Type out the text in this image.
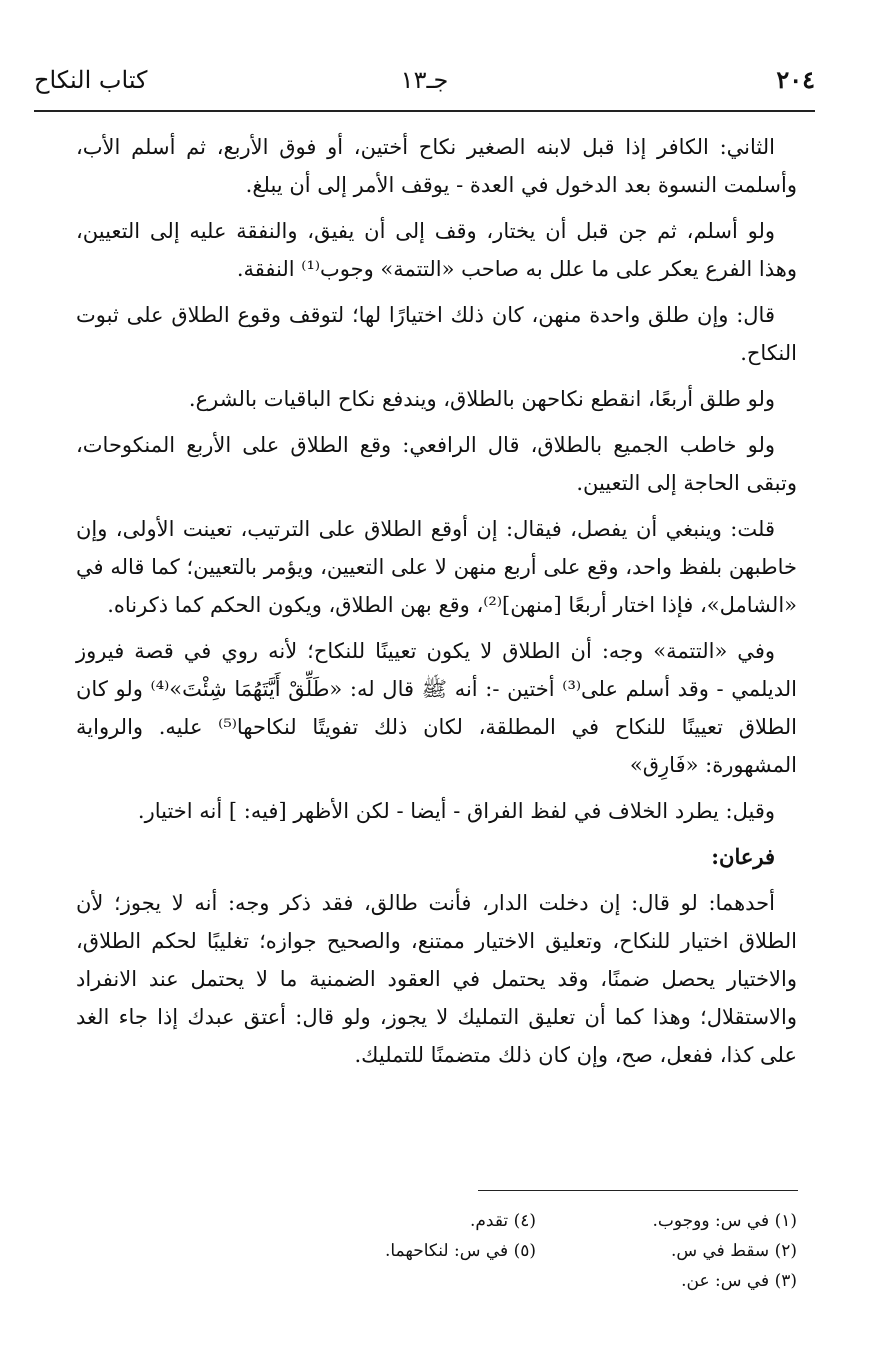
٢٠٤
جـ١٣
كتاب النكاح

الثاني: الكافر إذا قبل لابنه الصغير نكاح أختين، أو فوق الأربع، ثم أسلم الأب، وأسلمت النسوة بعد الدخول في العدة - يوقف الأمر إلى أن يبلغ.

ولو أسلم، ثم جن قبل أن يختار، وقف إلى أن يفيق، والنفقة عليه إلى التعيين، وهذا الفرع يعكر على ما علل به صاحب «التتمة» وجوب⁽¹⁾ النفقة.

قال: وإن طلق واحدة منهن، كان ذلك اختيارًا لها؛ لتوقف وقوع الطلاق على ثبوت النكاح.

ولو طلق أربعًا، انقطع نكاحهن بالطلاق، ويندفع نكاح الباقيات بالشرع.

ولو خاطب الجميع بالطلاق، قال الرافعي: وقع الطلاق على الأربع المنكوحات، وتبقى الحاجة إلى التعيين.

قلت: وينبغي أن يفصل، فيقال: إن أوقع الطلاق على الترتيب، تعينت الأولى، وإن خاطبهن بلفظ واحد، وقع على أربع منهن لا على التعيين، ويؤمر بالتعيين؛ كما قاله في «الشامل»، فإذا اختار أربعًا [منهن]⁽²⁾، وقع بهن الطلاق، ويكون الحكم كما ذكرناه.

وفي «التتمة» وجه: أن الطلاق لا يكون تعيينًا للنكاح؛ لأنه روي في قصة فيروز الديلمي - وقد أسلم على⁽³⁾ أختين -: أنه ﷺ قال له: «طَلِّقْ أَيَّتَهُمَا شِئْتَ»⁽⁴⁾ ولو كان الطلاق تعيينًا للنكاح في المطلقة، لكان ذلك تفويتًا لنكاحها⁽⁵⁾ عليه. والرواية المشهورة: «فَارِق»

وقيل: يطرد الخلاف في لفظ الفراق - أيضا - لكن الأظهر [فيه: ] أنه اختيار.

فرعان:

أحدهما: لو قال: إن دخلت الدار، فأنت طالق، فقد ذكر وجه: أنه لا يجوز؛ لأن الطلاق اختيار للنكاح، وتعليق الاختيار ممتنع، والصحيح جوازه؛ تغليبًا لحكم الطلاق، والاختيار يحصل ضمنًا، وقد يحتمل في العقود الضمنية ما لا يحتمل عند الانفراد والاستقلال؛ وهذا كما أن تعليق التمليك لا يجوز، ولو قال: أعتق عبدك إذا جاء الغد على كذا، ففعل، صح، وإن كان ذلك متضمنًا للتمليك.

(١) في س: ووجوب.
(٢) سقط في س.
(٣) في س: عن.
(٤) تقدم.
(٥) في س: لنكاحهما.
